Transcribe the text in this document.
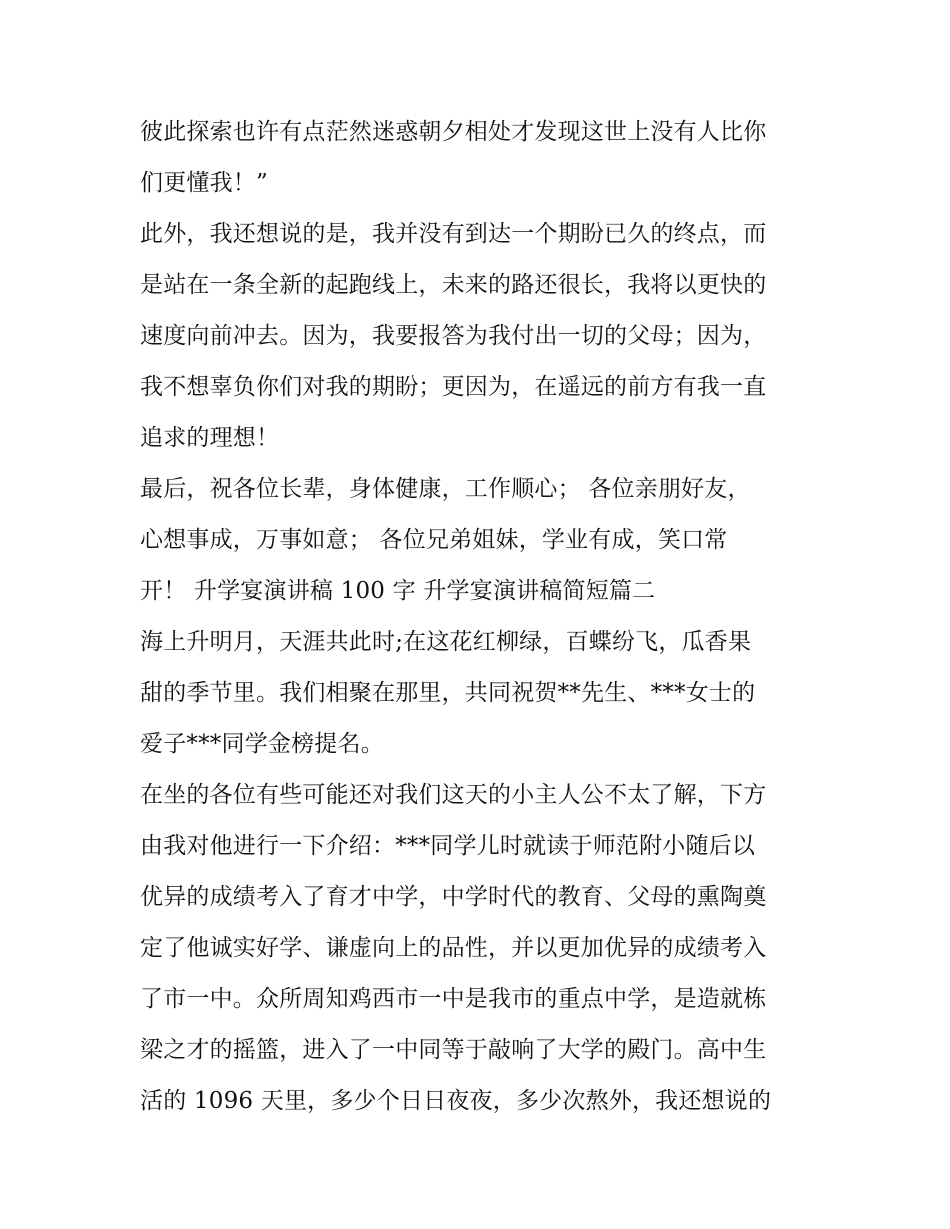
彼此探索也许有点茫然迷惑朝夕相处才发现这世上没有人比你
们更懂我！”
此外，我还想说的是，我并没有到达一个期盼已久的终点，而
是站在一条全新的起跑线上，未来的路还很长，我将以更快的
速度向前冲去。因为，我要报答为我付出一切的父母；因为，
我不想辜负你们对我的期盼；更因为，在遥远的前方有我一直
追求的理想！
最后，祝各位长辈，身体健康，工作顺心； 各位亲朋好友，
心想事成，万事如意； 各位兄弟姐妹，学业有成，笑口常
开！ 升学宴演讲稿 100 字 升学宴演讲稿简短篇二
海上升明月，天涯共此时;在这花红柳绿，百蝶纷飞，瓜香果
甜的季节里。我们相聚在那里，共同祝贺**先生、***女士的
爱子***同学金榜提名。
在坐的各位有些可能还对我们这天的小主人公不太了解，下方
由我对他进行一下介绍：***同学儿时就读于师范附小随后以
优异的成绩考入了育才中学，中学时代的教育、父母的熏陶奠
定了他诚实好学、谦虚向上的品性，并以更加优异的成绩考入
了市一中。众所周知鸡西市一中是我市的重点中学，是造就栋
梁之才的摇篮，进入了一中同等于敲响了大学的殿门。高中生
活的 1096 天里，多少个日日夜夜，多少次熬外，我还想说的
